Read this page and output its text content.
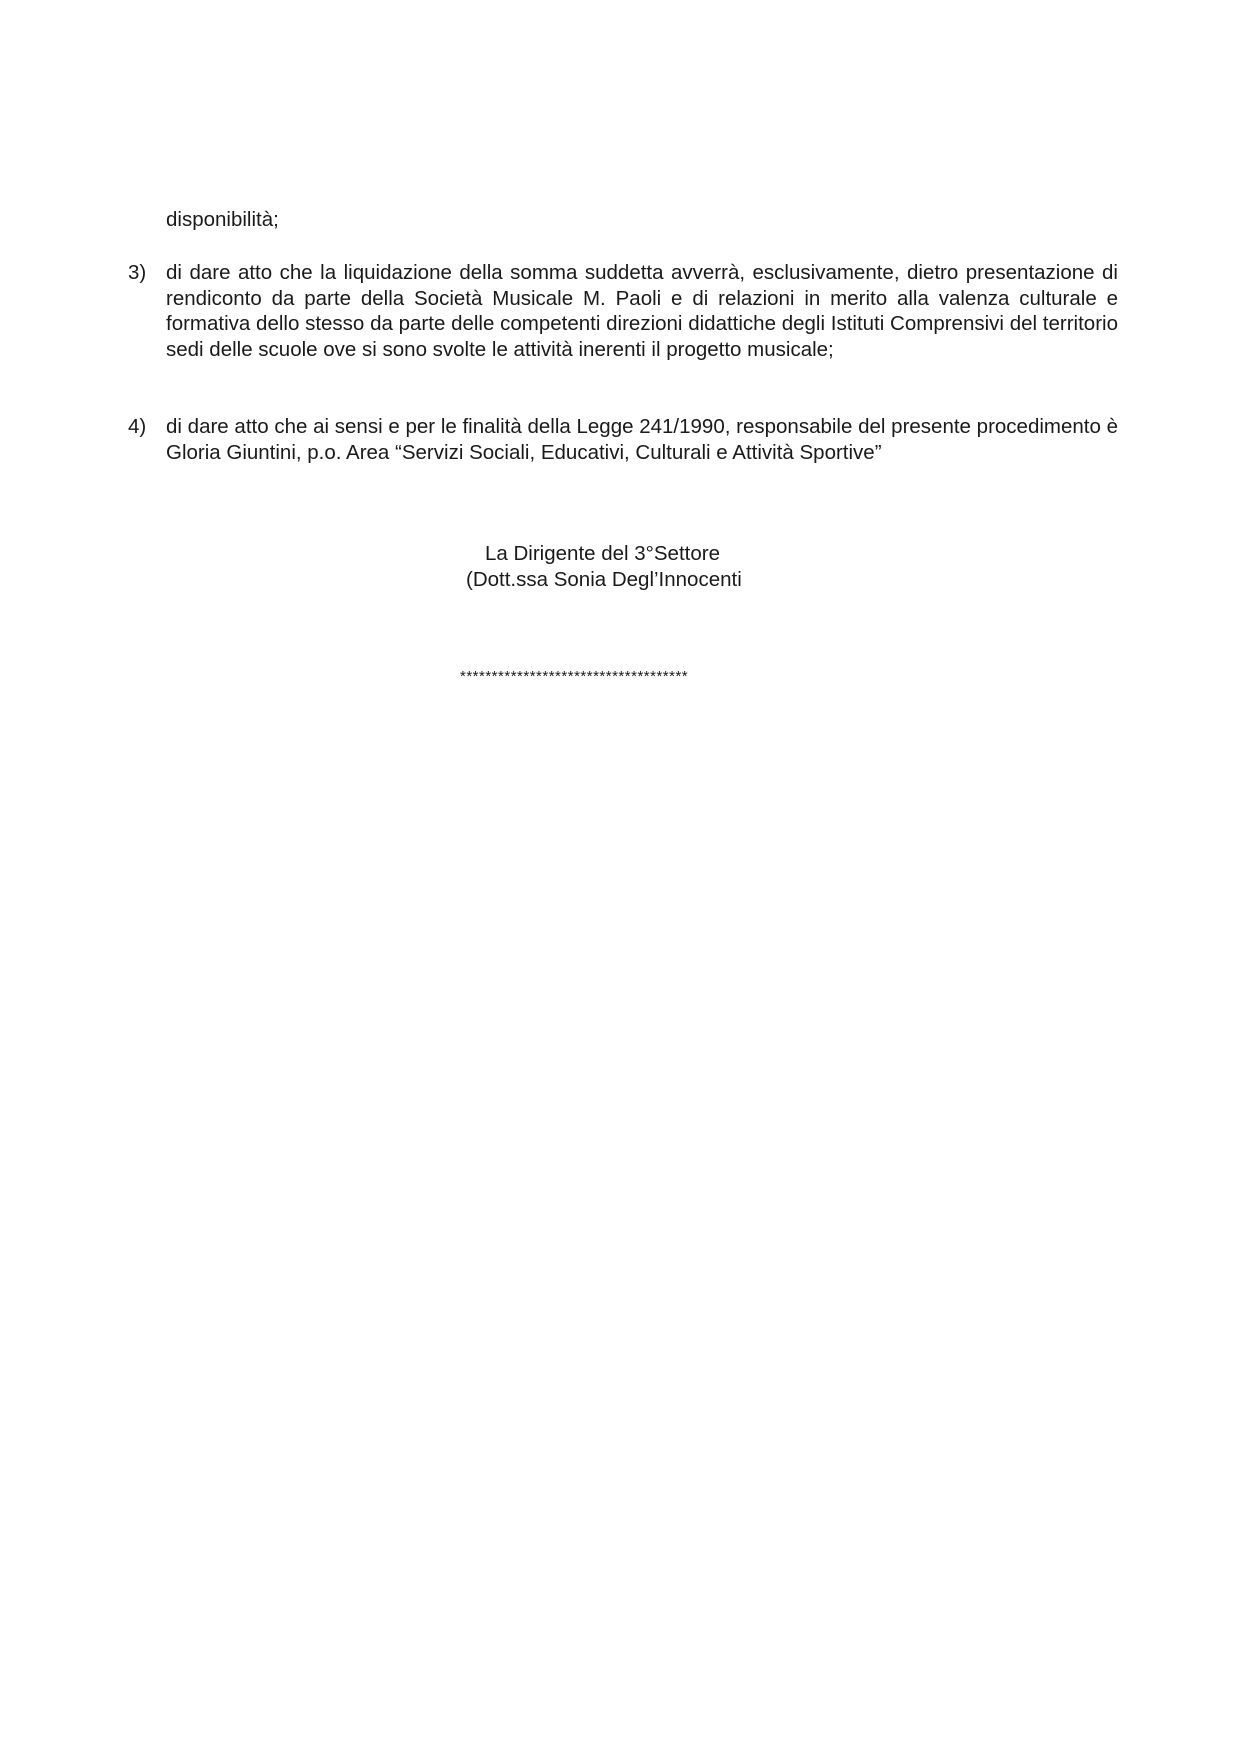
disponibilità;
3) di dare atto che la liquidazione della somma suddetta avverrà, esclusivamente, dietro presentazione di rendiconto da parte della Società Musicale M. Paoli e di relazioni in merito alla valenza culturale e formativa dello stesso da parte delle competenti direzioni didattiche degli Istituti Comprensivi del territorio sedi delle scuole ove si sono svolte le attività inerenti il progetto musicale;
4) di dare atto che ai sensi e per le finalità della Legge 241/1990, responsabile del presente procedimento è Gloria Giuntini, p.o. Area “Servizi Sociali, Educativi, Culturali e Attività Sportive”
La Dirigente del 3°Settore
(Dott.ssa Sonia Degl’Innocenti
************************************
